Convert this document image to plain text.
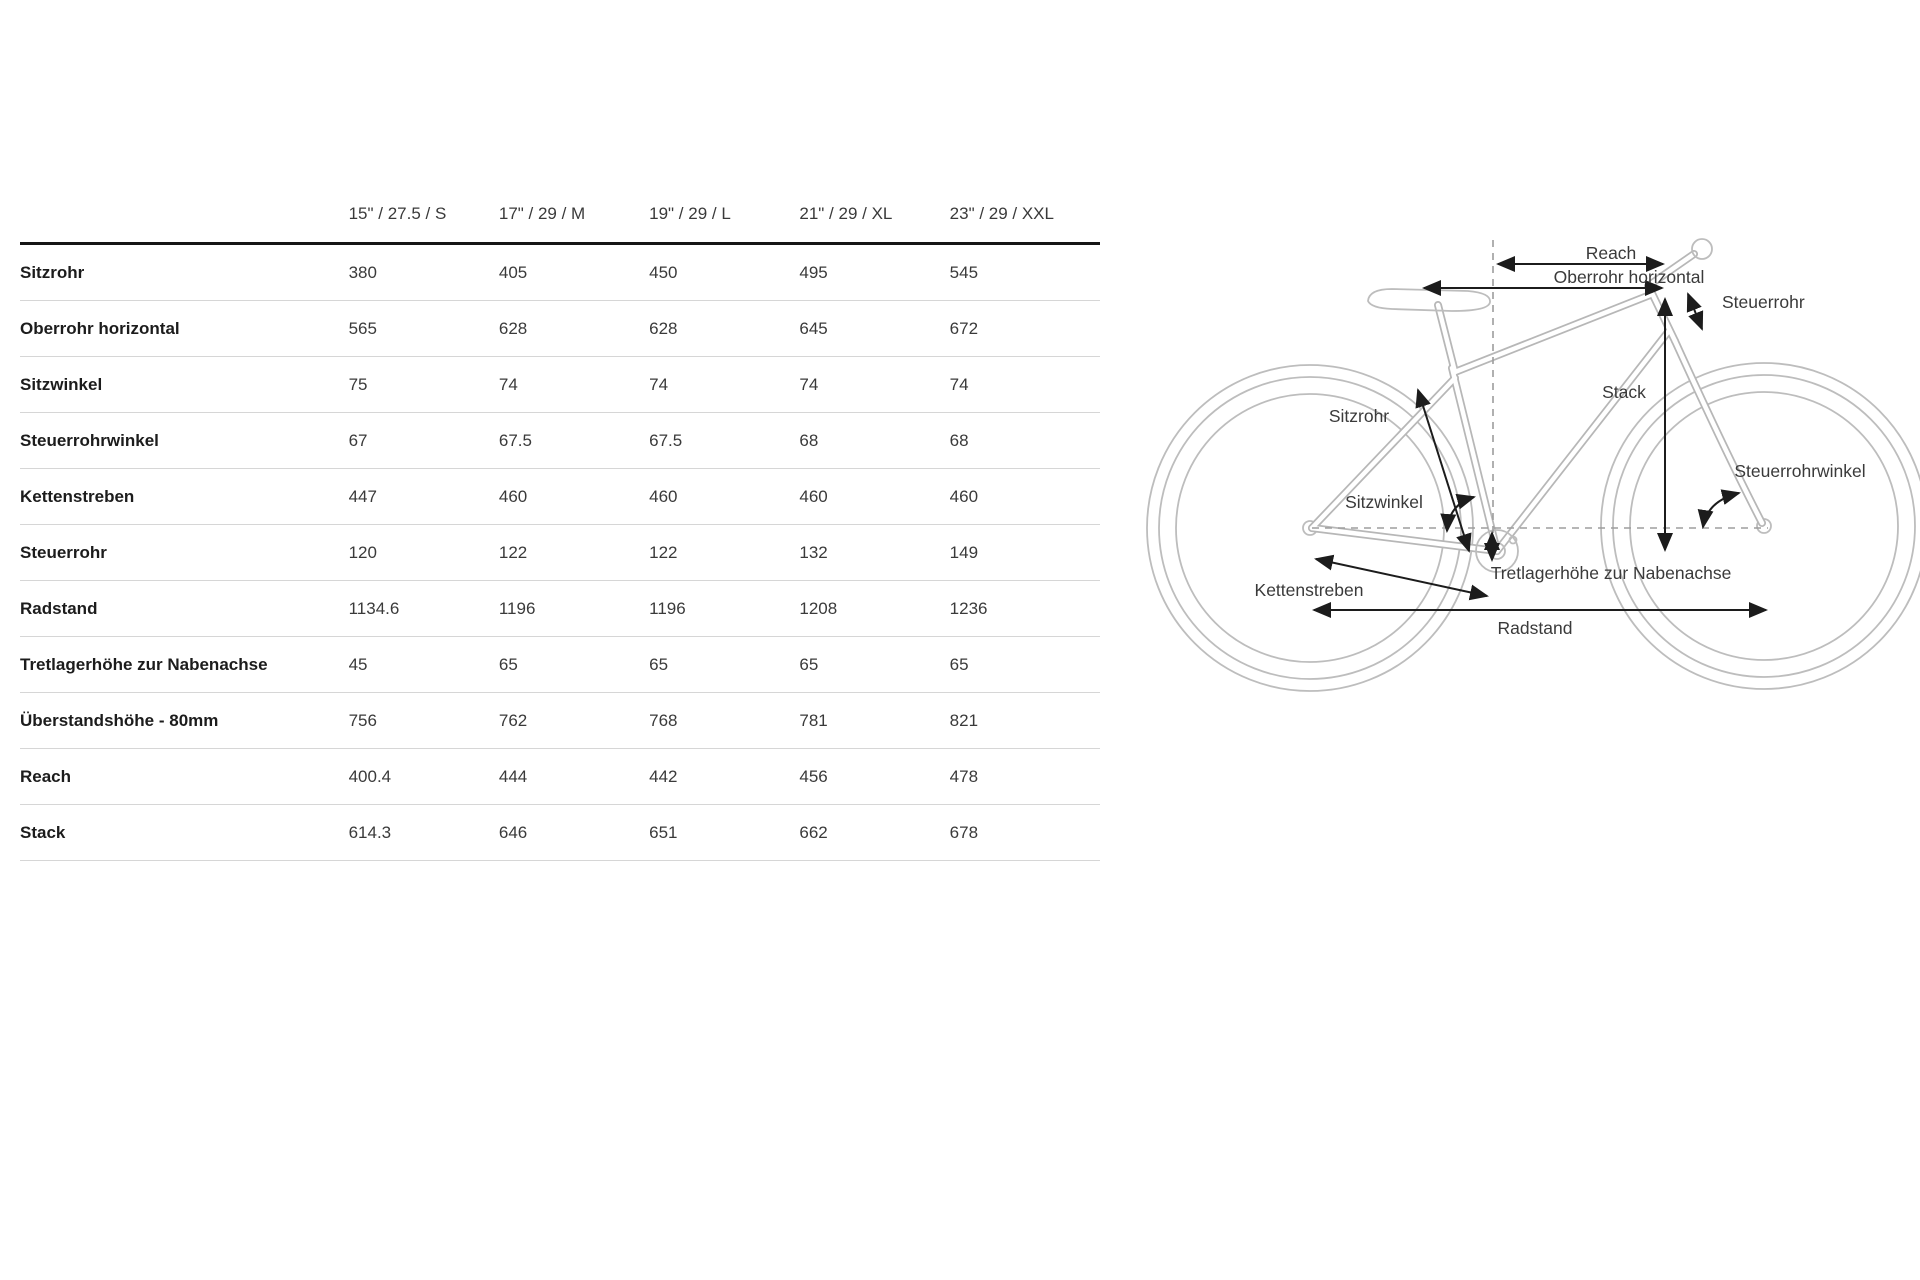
	15" / 27.5 / S	17" / 29 / M	19" / 29 / L	21" / 29 / XL	23" / 29 / XXL
Sitzrohr	380	405	450	495	545
Oberrohr horizontal	565	628	628	645	672
Sitzwinkel	75	74	74	74	74
Steuerrohrwinkel	67	67.5	67.5	68	68
Kettenstreben	447	460	460	460	460
Steuerrohr	120	122	122	132	149
Radstand	1134.6	1196	1196	1208	1236
Tretlagerhöhe zur Nabenachse	45	65	65	65	65
Überstandshöhe - 80mm	756	762	768	781	821
Reach	400.4	444	442	456	478
Stack	614.3	646	651	662	678
Reach
Oberrohr horizontal
Steuerrohr
Stack
Steuerrohrwinkel
Sitzrohr
Sitzwinkel
Tretlagerhöhe zur Nabenachse
Kettenstreben
Radstand
